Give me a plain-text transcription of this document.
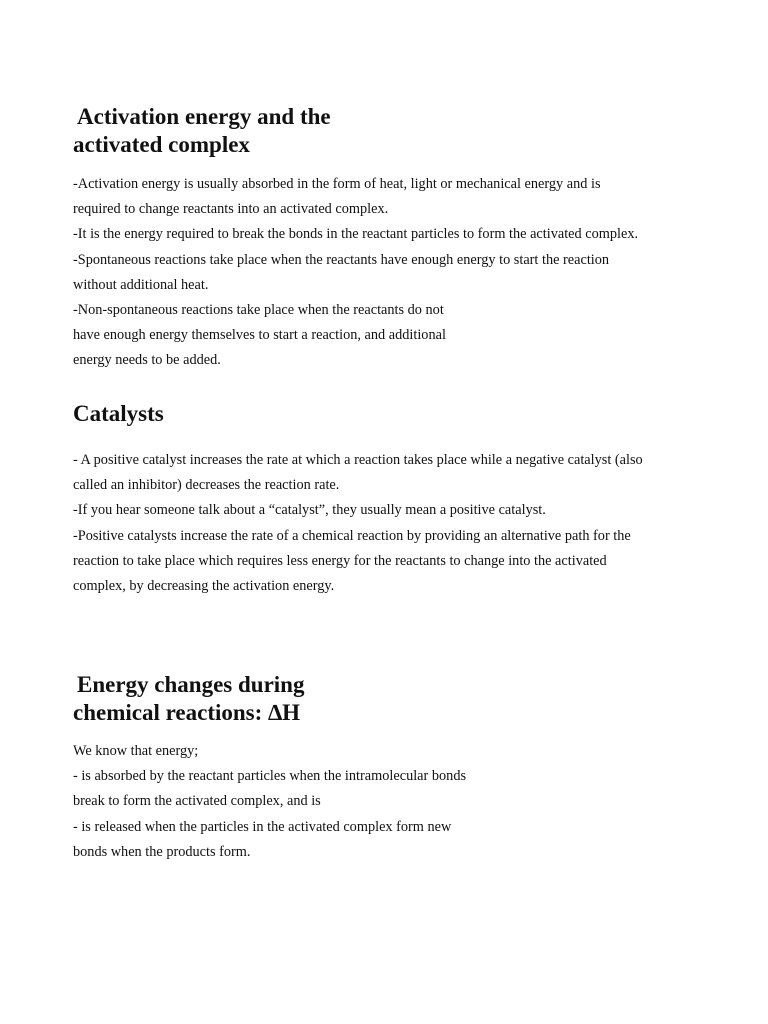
Activation energy and the
activated complex

-Activation energy is usually absorbed in the form of heat, light or mechanical energy and is

required to change reactants into an activated complex.

-It is the energy required to break the bonds in the reactant particles to form the activated complex.

-Spontaneous reactions take place when the reactants have enough energy to start the reaction

without additional heat.

-Non-spontaneous reactions take place when the reactants do not

have enough energy themselves to start a reaction, and additional

energy needs to be added.

Catalysts

- A positive catalyst increases the rate at which a reaction takes place while a negative catalyst (also

called an inhibitor) decreases the reaction rate.

-If you hear someone talk about a “catalyst”, they usually mean a positive catalyst.

-Positive catalysts increase the rate of a chemical reaction by providing an alternative path for the

reaction to take place which requires less energy for the reactants to change into the activated

complex, by decreasing the activation energy.

Energy changes during
chemical reactions: ∆H

We know that energy;

- is absorbed by the reactant particles when the intramolecular bonds

break to form the activated complex, and is

- is released when the particles in the activated complex form new

bonds when the products form.
